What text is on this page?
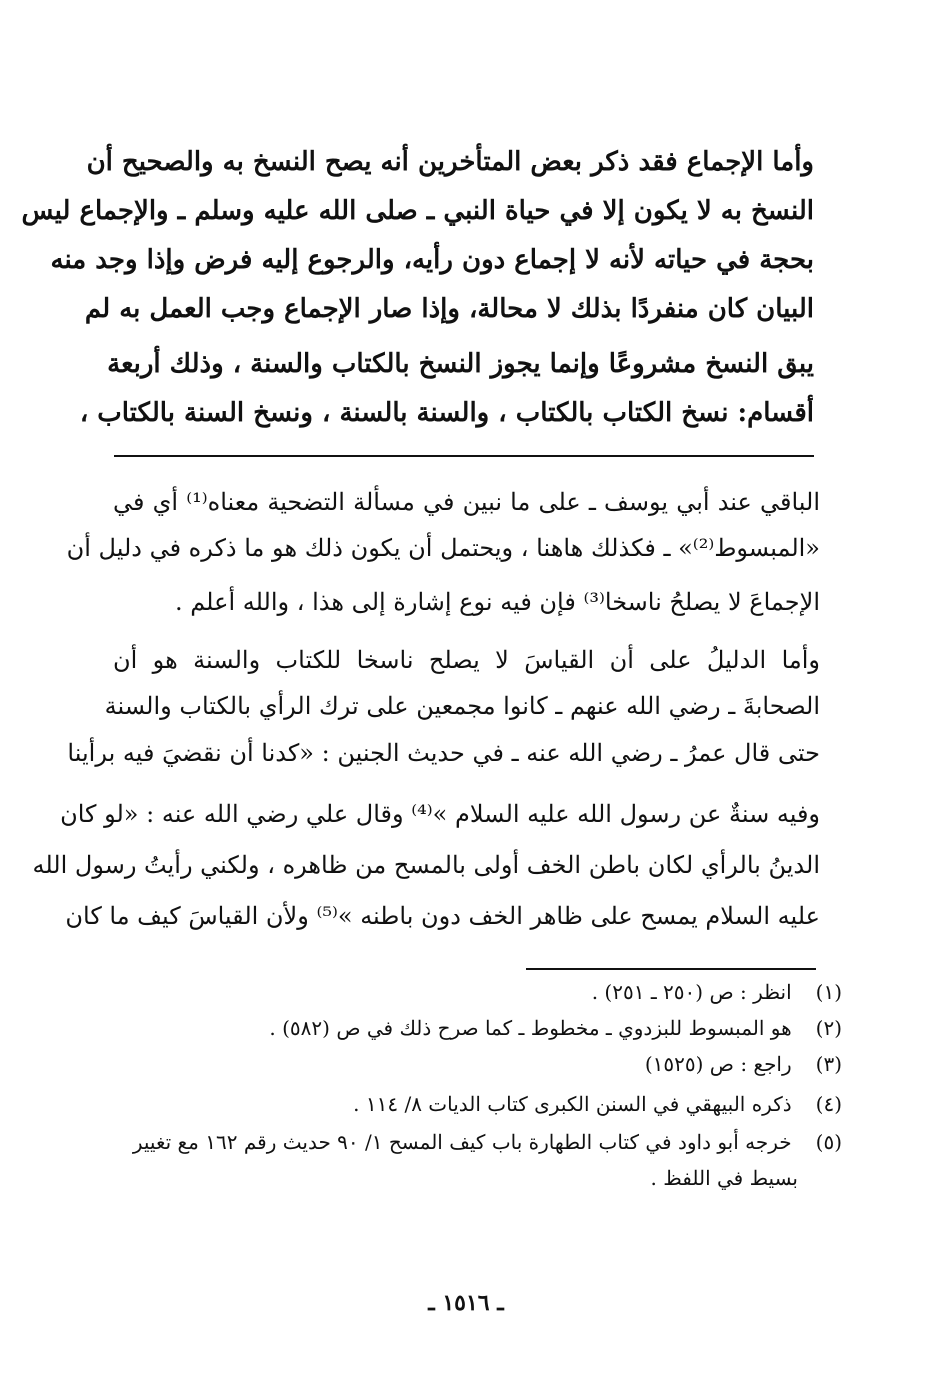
وأما الإجماع فقد ذكر بعض المتأخرين أنه يصح النسخ به والصحيح أن
النسخ به لا يكون إلا في حياة النبي ـ صلى الله عليه وسلم ـ والإجماع ليس
بحجة في حياته لأنه لا إجماع دون رأيه، والرجوع إليه فرض وإذا وجد منه
البيان كان منفردًا بذلك لا محالة، وإذا صار الإجماع وجب العمل به لم
يبق النسخ مشروعًا وإنما يجوز النسخ بالكتاب والسنة ، وذلك أربعة
أقسام: نسخ الكتاب بالكتاب ، والسنة بالسنة ، ونسخ السنة بالكتاب ،
الباقي عند أبي يوسف ـ على ما نبين في مسألة التضحية معناه⁽¹⁾ أي في
«المبسوط⁽²⁾» ـ فكذلك هاهنا ، ويحتمل أن يكون ذلك هو ما ذكره في دليل أن
الإجماعَ لا يصلحُ ناسخا⁽³⁾ فإن فيه نوع إشارة إلى هذا ، والله أعلم .
وأما الدليلُ على أن القياسَ لا يصلح ناسخا للكتاب والسنة هو أن
الصحابةَ ـ رضي الله عنهم ـ كانوا مجمعين على ترك الرأي بالكتاب والسنة
حتى قال عمرُ ـ رضي الله عنه ـ في حديث الجنين : «كدنا أن نقضيَ فيه برأينا
وفيه سنةٌ عن رسول الله عليه السلام »⁽⁴⁾ وقال علي رضي الله عنه : «لو كان
الدينُ بالرأي لكان باطن الخف أولى بالمسح من ظاهره ، ولكني رأيتُ رسول الله
عليه السلام يمسح على ظاهر الخف دون باطنه »⁽⁵⁾ ولأن القياسَ كيف ما كان
(١) انظر : ص (٢٥٠ ـ ٢٥١) .
(٢) هو المبسوط للبزدوي ـ مخطوط ـ كما صرح ذلك في ص (٥٨٢) .
(٣) راجع : ص (١٥٢٥)
(٤) ذكره البيهقي في السنن الكبرى كتاب الديات ٨/ ١١٤ .
(٥) خرجه أبو داود في كتاب الطهارة باب كيف المسح ١/ ٩٠ حديث رقم ١٦٢ مع تغيير
بسيط في اللفظ .
ـ ١٥١٦ ـ
